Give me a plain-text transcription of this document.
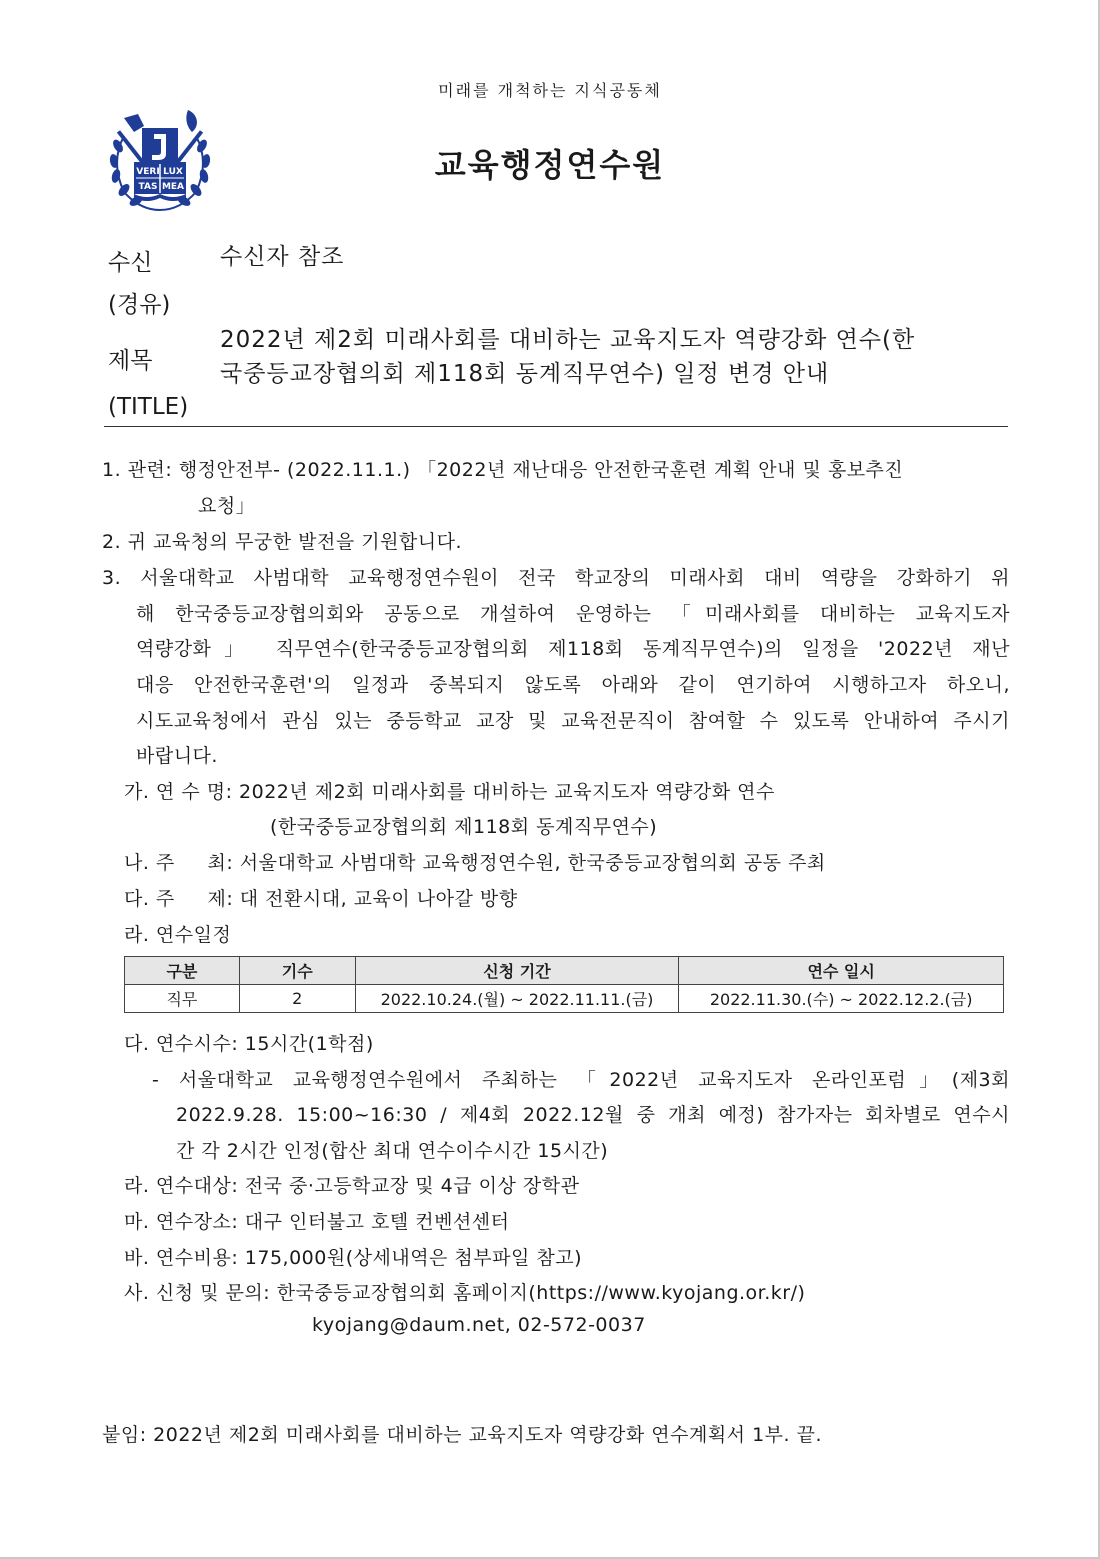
미래를 개척하는 지식공동체
VERI LUX
TAS MEA
교육행정연수원
수신	수신자 참조
(경유)
제목
2022년 제2회 미래사회를 대비하는 교육지도자 역량강화 연수(한
국중등교장협의회 제118회 동계직무연수) 일정 변경 안내
(TITLE)
1. 관련: 행정안전부- (2022.11.1.) 「2022년 재난대응 안전한국훈련 계획 안내 및 홍보추진
요청」
2. 귀 교육청의 무궁한 발전을 기원합니다.
3. 서울대학교 사범대학 교육행정연수원이 전국 학교장의 미래사회 대비 역량을 강화하기 위
해 한국중등교장협의회와 공동으로 개설하여 운영하는 「미래사회를 대비하는 교육지도자
역량강화」 직무연수(한국중등교장협의회 제118회 동계직무연수)의 일정을 '2022년 재난
대응 안전한국훈련'의 일정과 중복되지 않도록 아래와 같이 연기하여 시행하고자 하오니,
시도교육청에서 관심 있는 중등학교 교장 및 교육전문직이 참여할 수 있도록 안내하여 주시기
바랍니다.
가. 연 수 명: 2022년 제2회 미래사회를 대비하는 교육지도자 역량강화 연수
(한국중등교장협의회 제118회 동계직무연수)
나. 주     최: 서울대학교 사범대학 교육행정연수원, 한국중등교장협의회 공동 주최
다. 주     제: 대 전환시대, 교육이 나아갈 방향
라. 연수일정
구분	기수	신청 기간	연수 일시
직무	2	2022.10.24.(월) ~ 2022.11.11.(금)	2022.11.30.(수) ~ 2022.12.2.(금)
다. 연수시수: 15시간(1학점)
- 서울대학교 교육행정연수원에서 주최하는 「2022년 교육지도자 온라인포럼」(제3회
2022.9.28. 15:00~16:30 / 제4회 2022.12월 중 개최 예정) 참가자는 회차별로 연수시
간 각 2시간 인정(합산 최대 연수이수시간 15시간)
라. 연수대상: 전국 중·고등학교장 및 4급 이상 장학관
마. 연수장소: 대구 인터불고 호텔 컨벤션센터
바. 연수비용: 175,000원(상세내역은 첨부파일 참고)
사. 신청 및 문의: 한국중등교장협의회 홈페이지(https://www.kyojang.or.kr/)
kyojang@daum.net, 02-572-0037
붙임: 2022년 제2회 미래사회를 대비하는 교육지도자 역량강화 연수계획서 1부. 끝.
